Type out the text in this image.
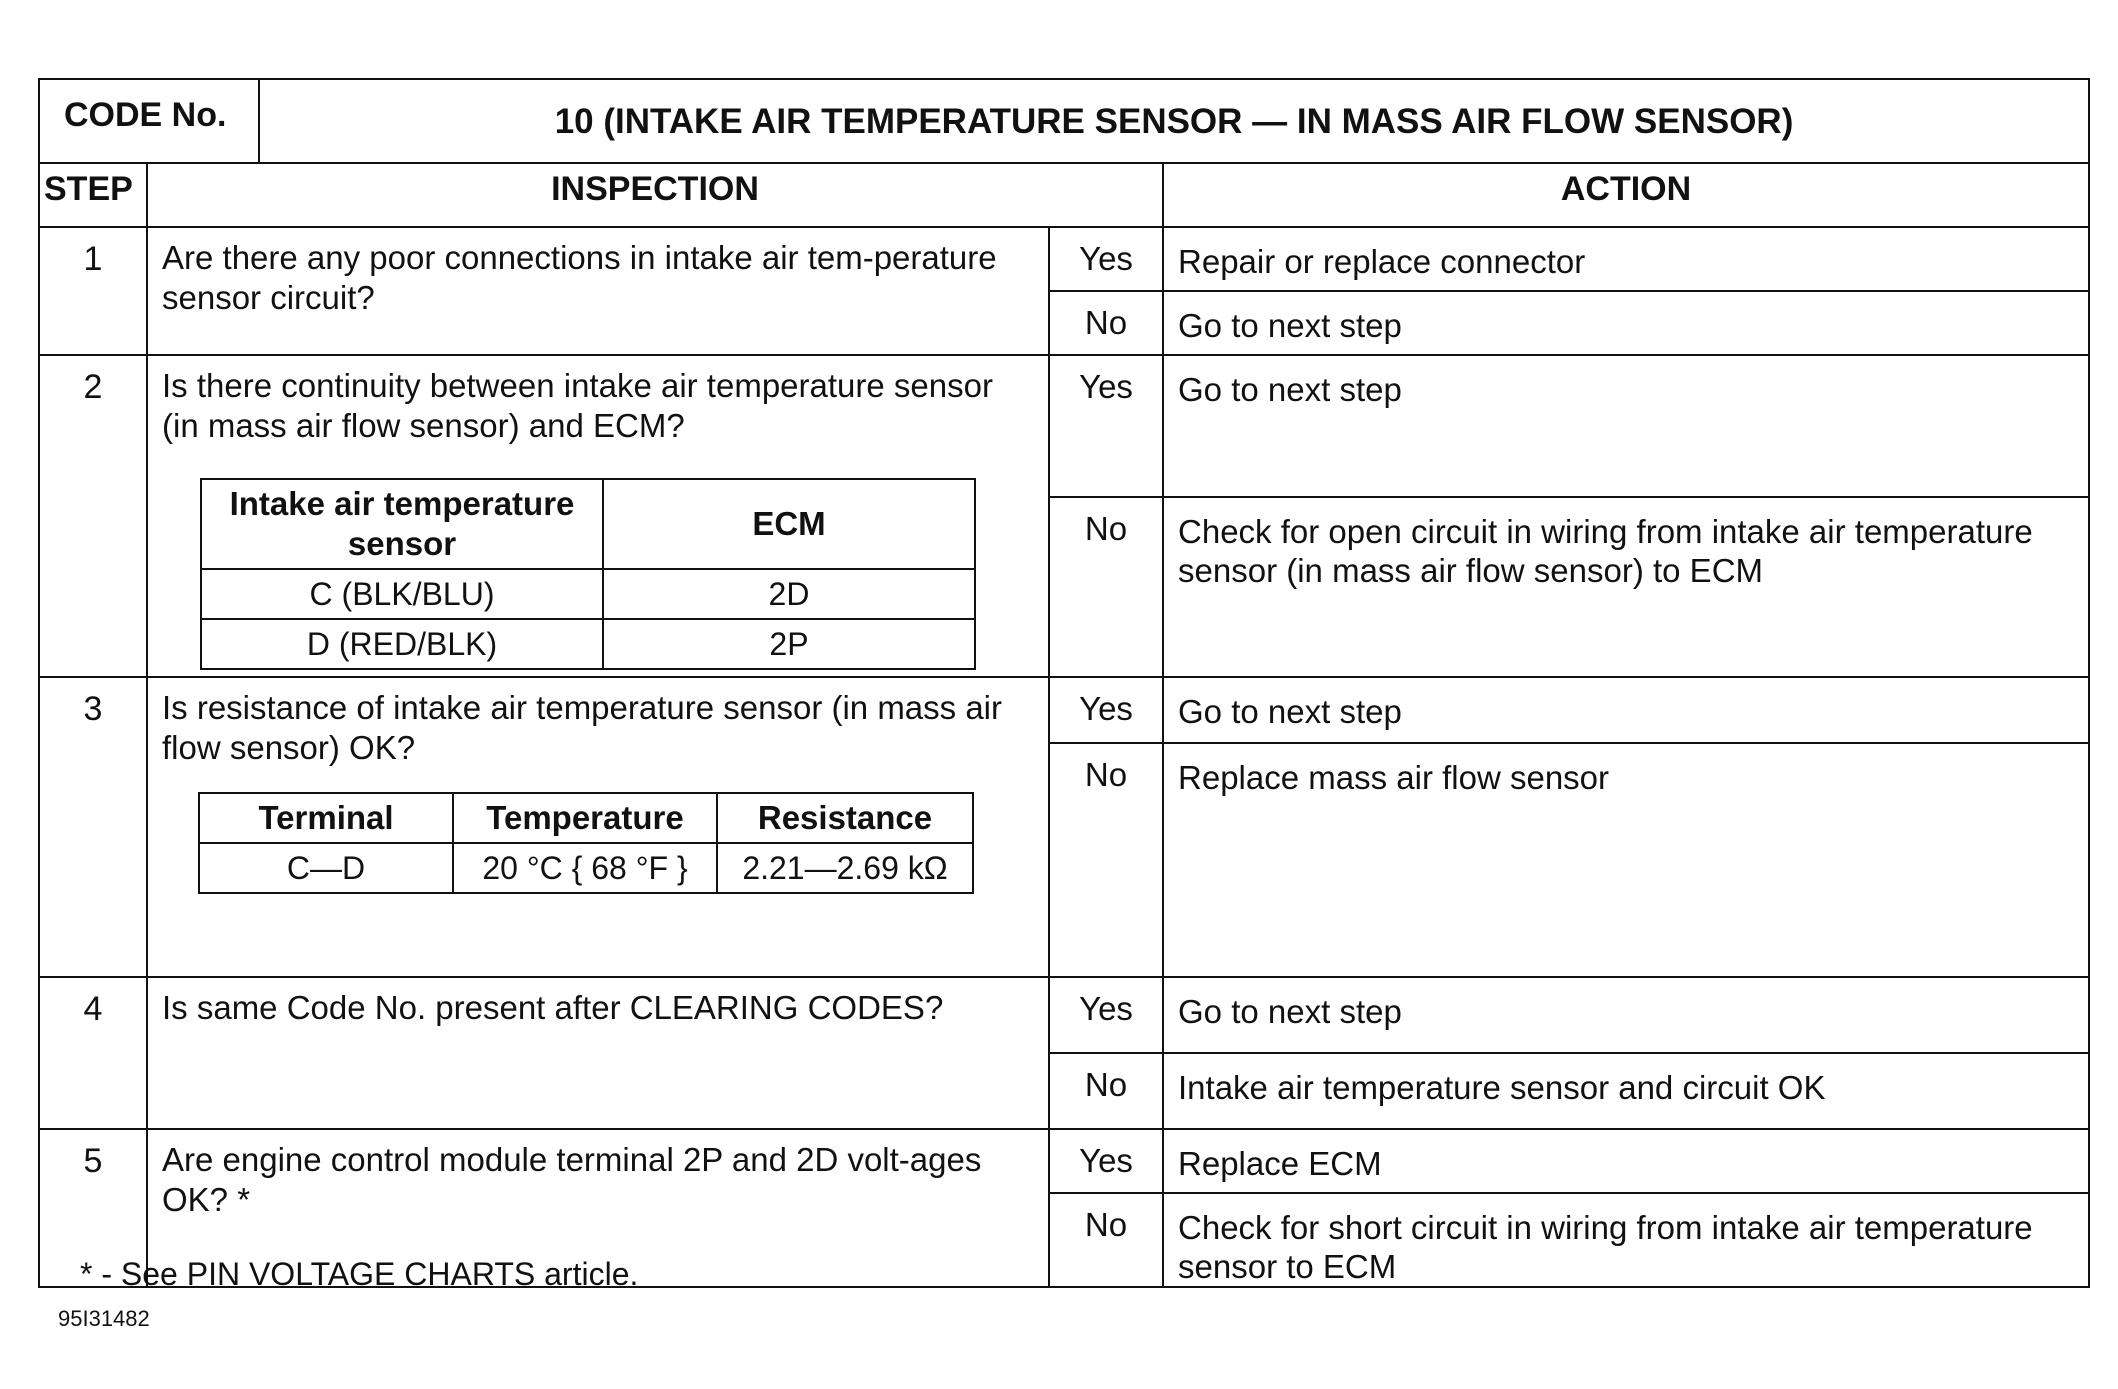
CODE No.	10 (INTAKE AIR TEMPERATURE SENSOR — IN MASS AIR FLOW SENSOR)
STEP	INSPECTION	ACTION
1	Are there any poor connections in intake air tem-perature sensor circuit?	Yes	Repair or replace connector
No	Go to next step
2	Is there continuity between intake air temperature sensor (in mass air flow sensor) and ECM?
Intake air temperature sensor	ECM
C (BLK/BLU)	2D
D (RED/BLK)	2P
	Yes	Go to next step
No	Check for open circuit in wiring from intake air temperature sensor (in mass air flow sensor) to ECM
3	Is resistance of intake air temperature sensor (in mass air flow sensor) OK?
Terminal	Temperature	Resistance
C—D	20 °C { 68 °F }	2.21—2.69 kΩ
	Yes	Go to next step
No	Replace mass air flow sensor
4	Is same Code No. present after CLEARING CODES?	Yes	Go to next step
No	Intake air temperature sensor and circuit OK
5	Are engine control module terminal 2P and 2D volt-ages OK? *	Yes	Replace ECM
No	Check for short circuit in wiring from intake air temperature sensor to ECM
* - See PIN VOLTAGE CHARTS article.
95I31482
